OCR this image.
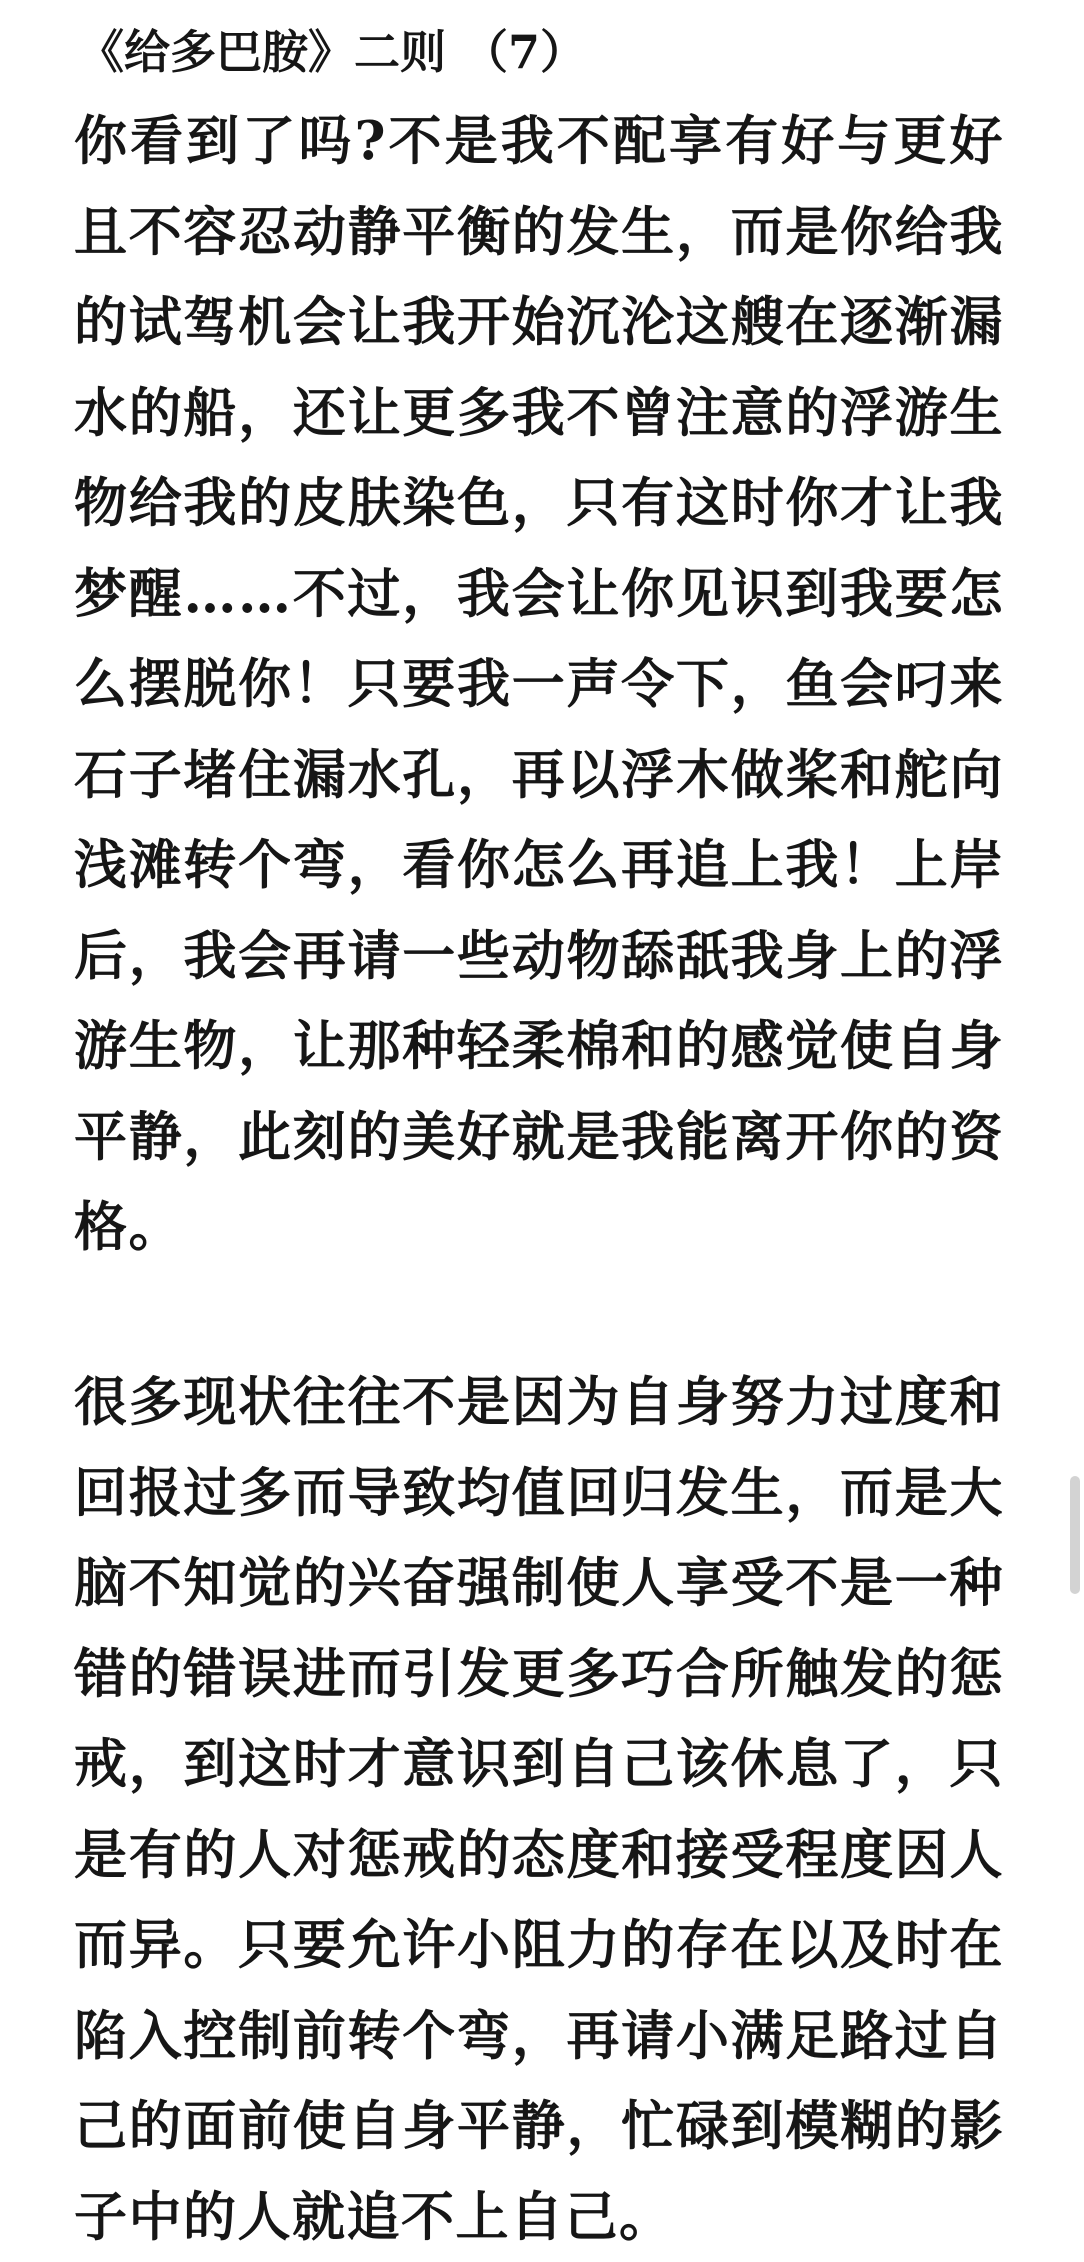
《给多巴胺》二则 （7）

你看到了吗?不是我不配享有好与更好且不容忍动静平衡的发生，而是你给我的试驾机会让我开始沉沦这艘在逐渐漏水的船，还让更多我不曾注意的浮游生物给我的皮肤染色，只有这时你才让我梦醒……不过，我会让你见识到我要怎么摆脱你！只要我一声令下，鱼会叼来石子堵住漏水孔，再以浮木做桨和舵向浅滩转个弯，看你怎么再追上我！上岸后，我会再请一些动物舔舐我身上的浮游生物，让那种轻柔棉和的感觉使自身平静，此刻的美好就是我能离开你的资格。

很多现状往往不是因为自身努力过度和回报过多而导致均值回归发生，而是大脑不知觉的兴奋强制使人享受不是一种错的错误进而引发更多巧合所触发的惩戒，到这时才意识到自己该休息了，只是有的人对惩戒的态度和接受程度因人而异。只要允许小阻力的存在以及时在陷入控制前转个弯，再请小满足路过自己的面前使自身平静，忙碌到模糊的影子中的人就追不上自己。
